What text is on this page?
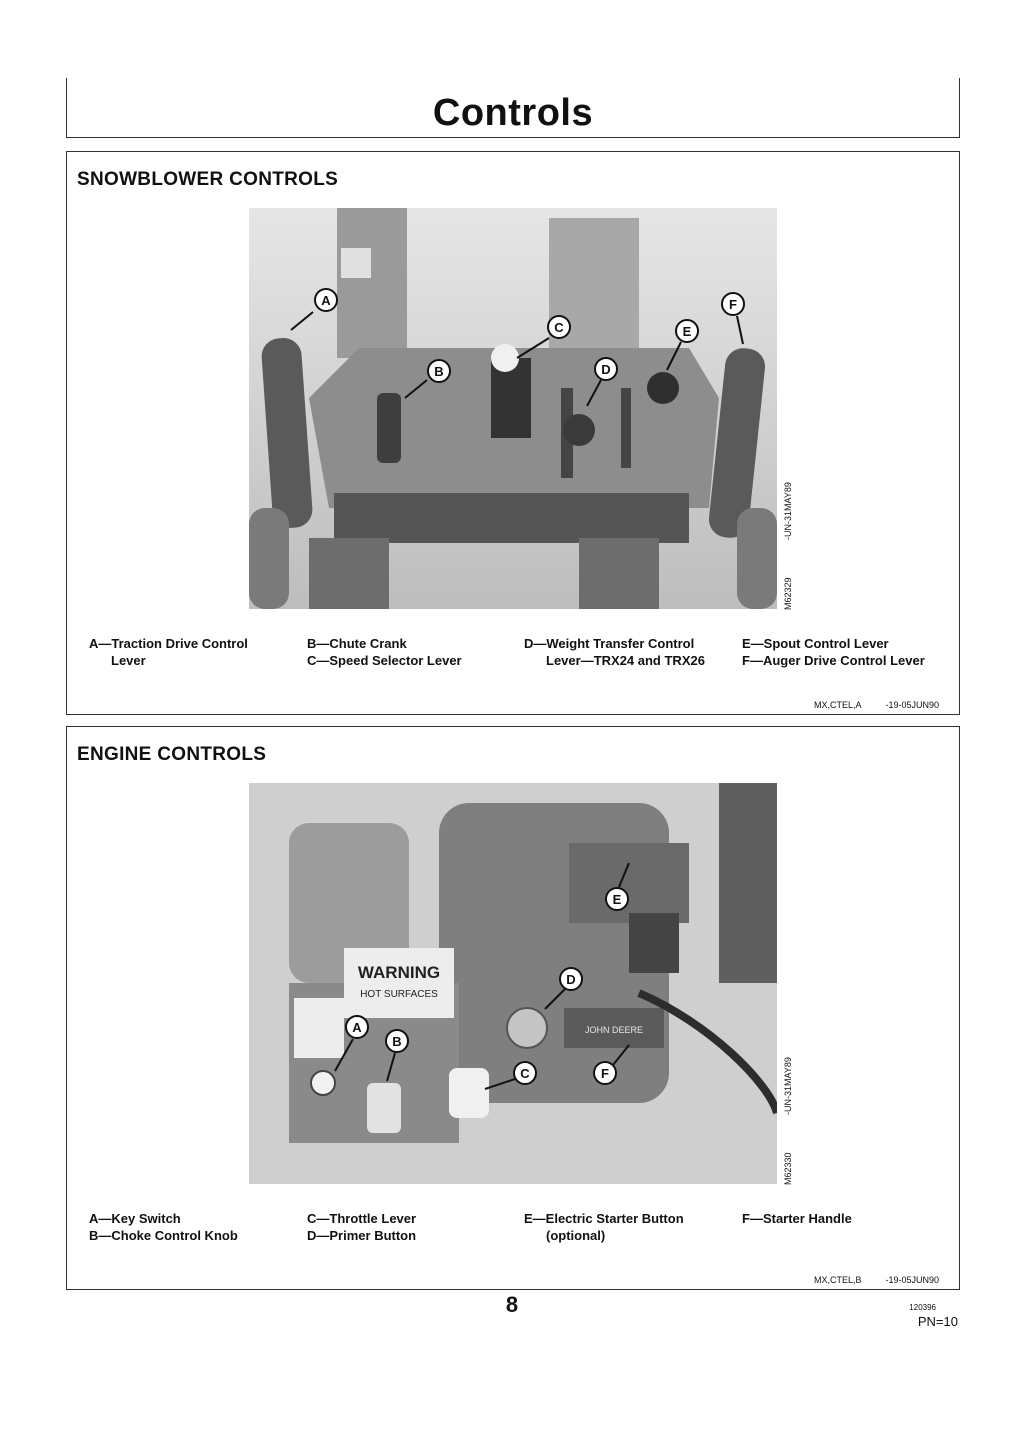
Controls
SNOWBLOWER CONTROLS
A
B
C
D
E
F
-UN-31MAY89
M62329
A—Traction Drive Control
Lever
B—Chute Crank
C—Speed Selector Lever
D—Weight Transfer Control
Lever—TRX24 and TRX26
E—Spout Control Lever
F—Auger Drive Control Lever
MX,CTEL,A	-19-05JUN90
ENGINE CONTROLS
WARNING
HOT SURFACES
JOHN DEERE
A
B
C
D
E
F	-UN-31MAY89
M62330
A—Key Switch
B—Choke Control Knob
C—Throttle Lever
D—Primer Button
E—Electric Starter Button
(optional)
F—Starter Handle
MX,CTEL,B	-19-05JUN90
8	120396
PN=10
